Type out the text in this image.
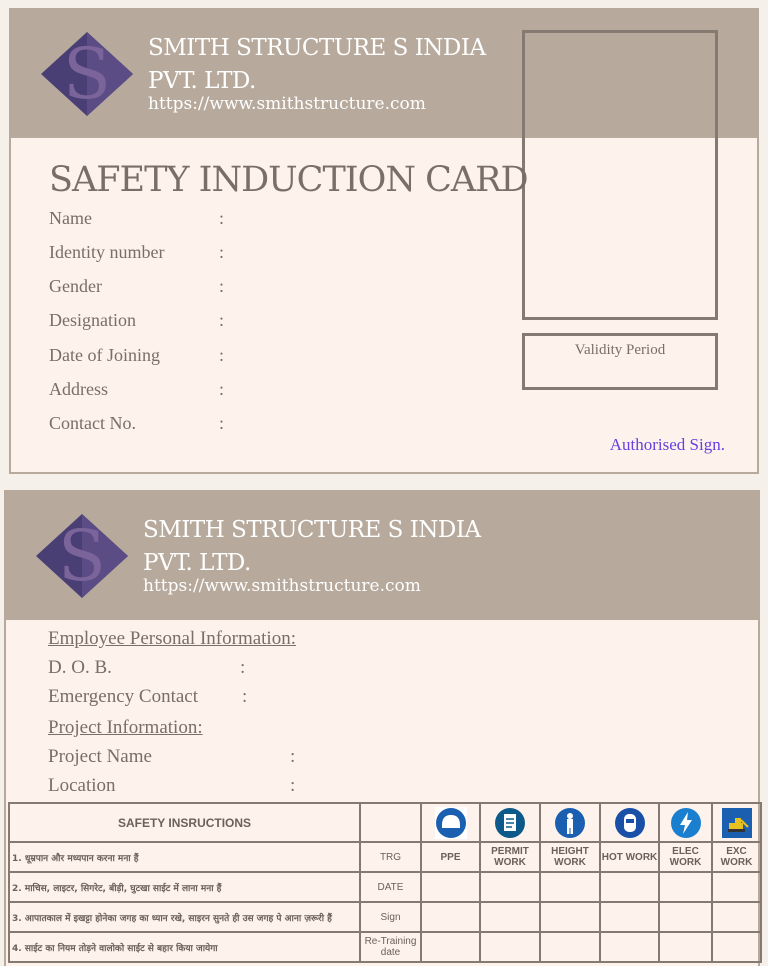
S SMITH STRUCTURE S INDIA
PVT. LTD.
https://www.smithstructure.com
SAFETY INDUCTION CARD
Name	:
Identity number	:
Gender	:
Designation	:
Date of Joining	:
Address	:
Contact No.	:
Validity Period
Authorised Sign.
S SMITH STRUCTURE S INDIA
PVT. LTD.
https://www.smithstructure.com
Employee Personal Information:
D. O. B.	:
Emergency Contact :
Project Information:
Project Name	:
Location	:
SAFETY INSRUCTIONS							
1. धूम्रपान और मध्यपान करना मना हैं	TRG	PPE	PERMIT WORK	HEIGHT WORK	HOT WORK	ELEC WORK	EXC WORK
2. माचिस, लाइटर, सिगरेट, बीड़ी, घुटखा साईट में लाना मना हैं	DATE						
3. आपातकाल में इखट्टा होनेका जगह का ध्यान रखे, साइरन सुनते ही उस जगह पे आना ज़रूरी हैं	Sign						
4. साईट का नियम तोड़ने वालोको साईट से बहार किया जायेगा	Re-Training date						
